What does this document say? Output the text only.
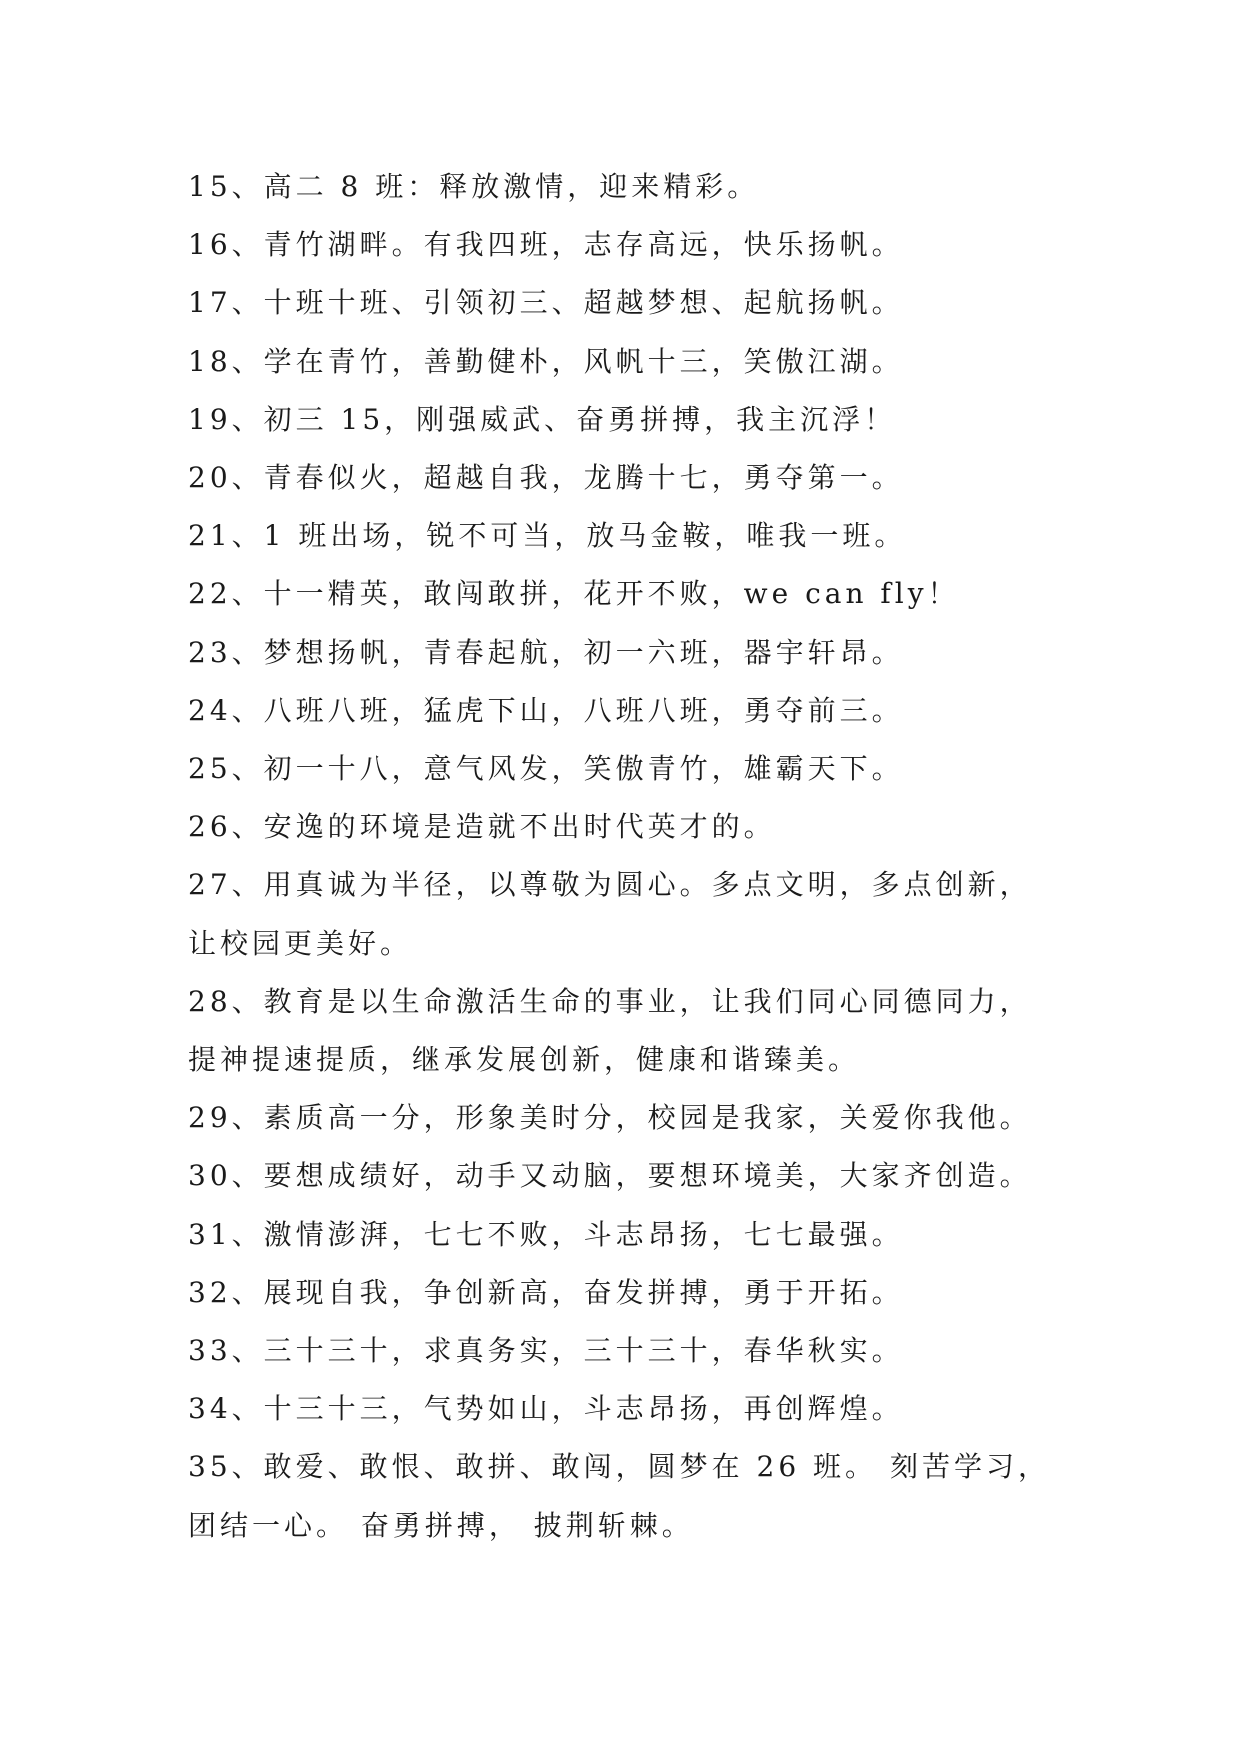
15、高二 8 班：释放激情，迎来精彩。

16、青竹湖畔。有我四班，志存高远，快乐扬帆。

17、十班十班、引领初三、超越梦想、起航扬帆。

18、学在青竹，善勤健朴，风帆十三，笑傲江湖。

19、初三 15，刚强威武、奋勇拼搏，我主沉浮！

20、青春似火，超越自我，龙腾十七，勇夺第一。

21、1 班出场，锐不可当，放马金鞍，唯我一班。

22、十一精英，敢闯敢拼，花开不败，we can fly！

23、梦想扬帆，青春起航，初一六班，器宇轩昂。

24、八班八班，猛虎下山，八班八班，勇夺前三。

25、初一十八，意气风发，笑傲青竹，雄霸天下。

26、安逸的环境是造就不出时代英才的。

27、用真诚为半径，以尊敬为圆心。多点文明，多点创新，

让校园更美好。

28、教育是以生命激活生命的事业，让我们同心同德同力，

提神提速提质，继承发展创新，健康和谐臻美。

29、素质高一分，形象美时分，校园是我家，关爱你我他。

30、要想成绩好，动手又动脑，要想环境美，大家齐创造。

31、激情澎湃，七七不败，斗志昂扬，七七最强。

32、展现自我，争创新高，奋发拼搏，勇于开拓。

33、三十三十，求真务实，三十三十，春华秋实。

34、十三十三，气势如山，斗志昂扬，再创辉煌。

35、敢爱、敢恨、敢拼、敢闯，圆梦在 26 班。 刻苦学习，

团结一心。 奋勇拼搏， 披荆斩棘。
